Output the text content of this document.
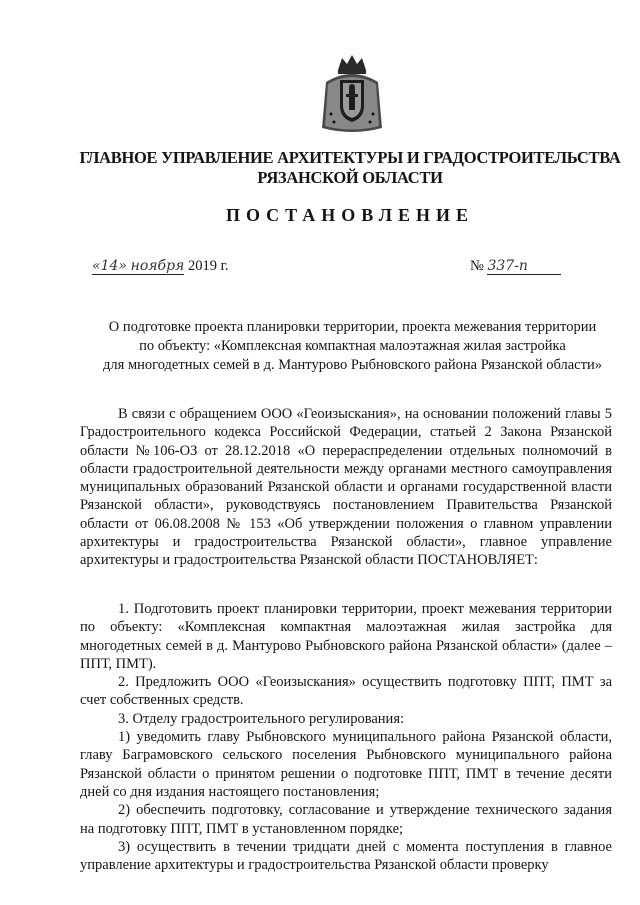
ГЛАВНОЕ УПРАВЛЕНИЕ АРХИТЕКТУРЫ И ГРАДОСТРОИТЕЛЬСТВА
РЯЗАНСКОЙ ОБЛАСТИ
ПОСТАНОВЛЕНИЕ
«14» ноября 2019 г.	№ 337-п
О подготовке проекта планировки территории, проекта межевания территории
по объекту: «Комплексная компактная малоэтажная жилая застройка
для многодетных семей в д. Мантурово Рыбновского района Рязанской области»

В связи с обращением ООО «Геоизыскания», на основании положений главы 5 Градостроительного кодекса Российской Федерации, статьей 2 Закона Рязанской области №106-ОЗ от 28.12.2018 «О перераспределении отдельных полномочий в области градостроительной деятельности между органами местного самоуправления муниципальных образований Рязанской области и органами государственной власти Рязанской области», руководствуясь постановлением Правительства Рязанской области от 06.08.2008 № 153 «Об утверждении положения о главном управлении архитектуры и градостроительства Рязанской области», главное управление архитектуры и градостроительства Рязанской области ПОСТАНОВЛЯЕТ:

1. Подготовить проект планировки территории, проект межевания территории по объекту: «Комплексная компактная малоэтажная жилая застройка для многодетных семей в д. Мантурово Рыбновского района Рязанской области» (далее – ППТ, ПМТ).

2. Предложить ООО «Геоизыскания» осуществить подготовку ППТ, ПМТ за счет собственных средств.

3. Отделу градостроительного регулирования:

1) уведомить главу Рыбновского муниципального района Рязанской области, главу Баграмовского сельского поселения Рыбновского муниципального района Рязанской области о принятом решении о подготовке ППТ, ПМТ в течение десяти дней со дня издания настоящего постановления;

2) обеспечить подготовку, согласование и утверждение технического задания на подготовку ППТ, ПМТ в установленном порядке;

3) осуществить в течении тридцати дней с момента поступления в главное управление архитектуры и градостроительства Рязанской области проверку
